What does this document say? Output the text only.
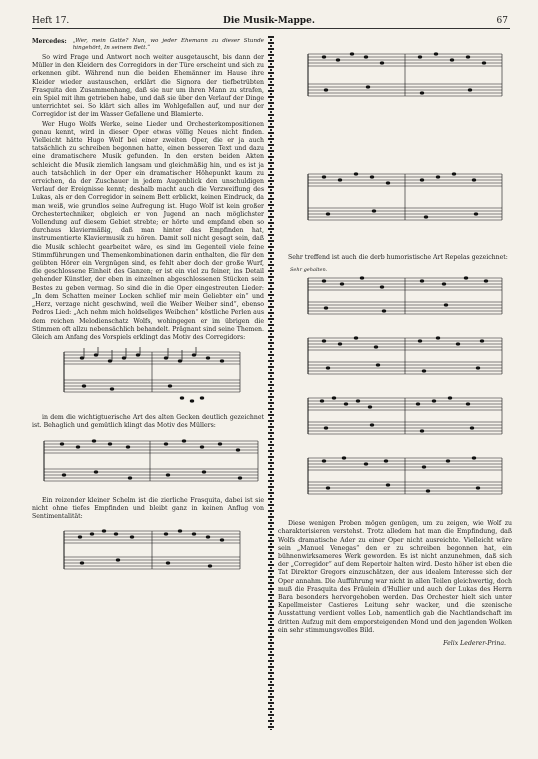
Heft 17.	Die Musik-Mappe.	67
Mercedes: „Wer, mein Gatte? Nun, wo jeder Ehemann zu dieser Stunde hingehört, In seinem Bett.“

So wird Frage und Antwort noch weiter ausgetauscht, bis dann der Müller in den Kleidern des Corregidors in der Türe erscheint und sich zu erkennen gibt. Während nun die beiden Ehemänner im Hause ihre Kleider wieder austauschen, erklärt die Signora der tiefbetrübten Frasquita den Zusammenhang, daß sie nur um ihren Mann zu strafen, ein Spiel mit ihm getrieben habe, und daß sie über den Verlauf der Dinge unterrichtet sei. So klärt sich alles im Wohlgefallen auf, und nur der Corregidor ist der im Wasser Gefallene und Blamierte.

Wer Hugo Wolfs Werke, seine Lieder und Orchesterkompositionen genau kennt, wird in dieser Oper etwas völlig Neues nicht finden. Vielleicht hätte Hugo Wolf bei einer zweiten Oper, die er ja auch tatsächlich zu schreiben begonnen hatte, einen besseren Text und dazu eine dramatischere Musik gefunden. In den ersten beiden Akten schleicht die Musik ziemlich langsam und gleichmäßig hin, und es ist ja auch tatsächlich in der Oper ein dramatischer Höhepunkt kaum zu erreichen, da der Zuschauer in jedem Augenblick den unschuldigen Verlauf der Ereignisse kennt; deshalb macht auch die Verzweiflung des Lukas, als er den Corregidor in seinem Bett erblickt, keinen Eindruck, da man weiß, wie grundlos seine Aufregung ist. Hugo Wolf ist kein großer Orchestertechniker, obgleich er von Jugend an nach möglichster Vollendung auf diesem Gebiet strebte; er hörte und empfand eben so durchaus klaviermäßig, daß man hinter das Empfinden hat, instrumentierte Klaviermusik zu hören. Damit soll nicht gesagt sein, daß die Musik schlecht gearbeitet wäre, es sind im Gegenteil viele feine Stimmführungen und Themenkombinationen darin enthalten, die für den geübten Hörer ein Vergnügen sind, es fehlt aber doch der große Wurf, die geschlossene Einheit des Ganzen; er ist ein viel zu feiner, ins Detail gehender Künstler, der eben in einzelnen abgeschlossenen Stücken sein Bestes zu geben vermag. So sind die in die Oper eingestreuten Lieder: „In dem Schatten meiner Locken schlief mir mein Geliebter ein“ und „Herz, verzage nicht geschwind, weil die Weiber Weiber sind“, ebenso Pedros Lied: „Ach nehm mich holdseliges Weibchen“ köstliche Perlen aus dem reichen Melodienschatz Wolfs, wohingegen er im übrigen die Stimmen oft allzu nebensächlich behandelt. Prägnant sind seine Themen. Gleich am Anfang des Vorspiels erklingt das Motiv des Corregidors:

in dem die wichtigtuerische Art des alten Gecken deutlich gezeichnet ist. Behaglich und gemütlich klingt das Motiv des Müllers:

Ein reizender kleiner Schelm ist die zierliche Frasquita, dabei ist sie nicht ohne tiefes Empfinden und bleibt ganz in keinen Anflug von Sentimentalität:

Sehr treffend ist auch die derb humoristische Art Repelas gezeichnet:

Sehr gehalten.

Diese wenigen Proben mögen genügen, um zu zeigen, wie Wolf zu charakterisieren verstehst. Trotz alledem hat man die Empfindung, daß Wolfs dramatische Ader zu einer Oper nicht ausreichte. Vielleicht wäre sein „Manuel Venegas“ den er zu schreiben begonnen hat, ein bühnenwirksameres Werk geworden. Es ist nicht anzunehmen, daß sich der „Corregidor“ auf dem Repertoir halten wird. Desto höher ist eben die Tat Direktor Gregors einzuschätzen, der aus idealem Interesse sich der Oper annahm. Die Aufführung war nicht in allen Teilen gleichwertig, doch muß die Frasquita des Fräulein d'Hullier und auch der Lukas des Herrn Bara besonders hervorgehoben werden. Das Orchester hielt sich unter Kapellmeister Castieres Leitung sehr wacker, und die szenische Ausstattung verdient volles Lob, namentlich gab die Nachtlandschaft im dritten Aufzug mit dem emporsteigenden Mond und den jagenden Wolken ein sehr stimmungsvolles Bild.

Felix Lederer-Prina.
